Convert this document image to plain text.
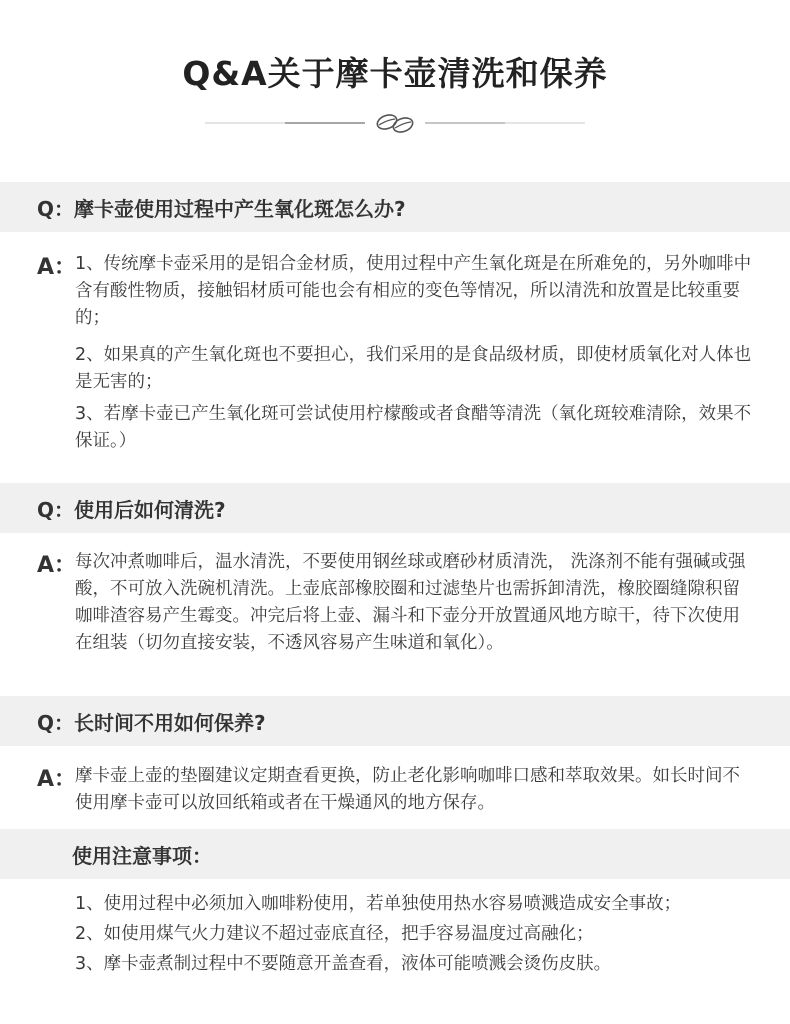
Q&A关于摩卡壶清洗和保养
Q：摩卡壶使用过程中产生氧化斑怎么办?
A：
1、传统摩卡壶采用的是铝合金材质，使用过程中产生氧化斑是在所难免的，另外咖啡中含有酸性物质，接触铝材质可能也会有相应的变色等情况，所以清洗和放置是比较重要的；
2、如果真的产生氧化斑也不要担心，我们采用的是食品级材质，即使材质氧化对人体也是无害的；
3、若摩卡壶已产生氧化斑可尝试使用柠檬酸或者食醋等清洗（氧化斑较难清除，效果不保证。）
Q：使用后如何清洗?
A：
每次冲煮咖啡后，温水清洗，不要使用钢丝球或磨砂材质清洗， 洗涤剂不能有强碱或强酸，不可放入洗碗机清洗。上壶底部橡胶圈和过滤垫片也需拆卸清洗，橡胶圈缝隙积留咖啡渣容易产生霉变。冲完后将上壶、漏斗和下壶分开放置通风地方晾干，待下次使用在组装（切勿直接安装，不透风容易产生味道和氧化）。
Q：长时间不用如何保养?
A：
摩卡壶上壶的垫圈建议定期查看更换，防止老化影响咖啡口感和萃取效果。如长时间不使用摩卡壶可以放回纸箱或者在干燥通风的地方保存。
使用注意事项：
1、使用过程中必须加入咖啡粉使用，若单独使用热水容易喷溅造成安全事故；
2、如使用煤气火力建议不超过壶底直径，把手容易温度过高融化；
3、摩卡壶煮制过程中不要随意开盖查看，液体可能喷溅会烫伤皮肤。
